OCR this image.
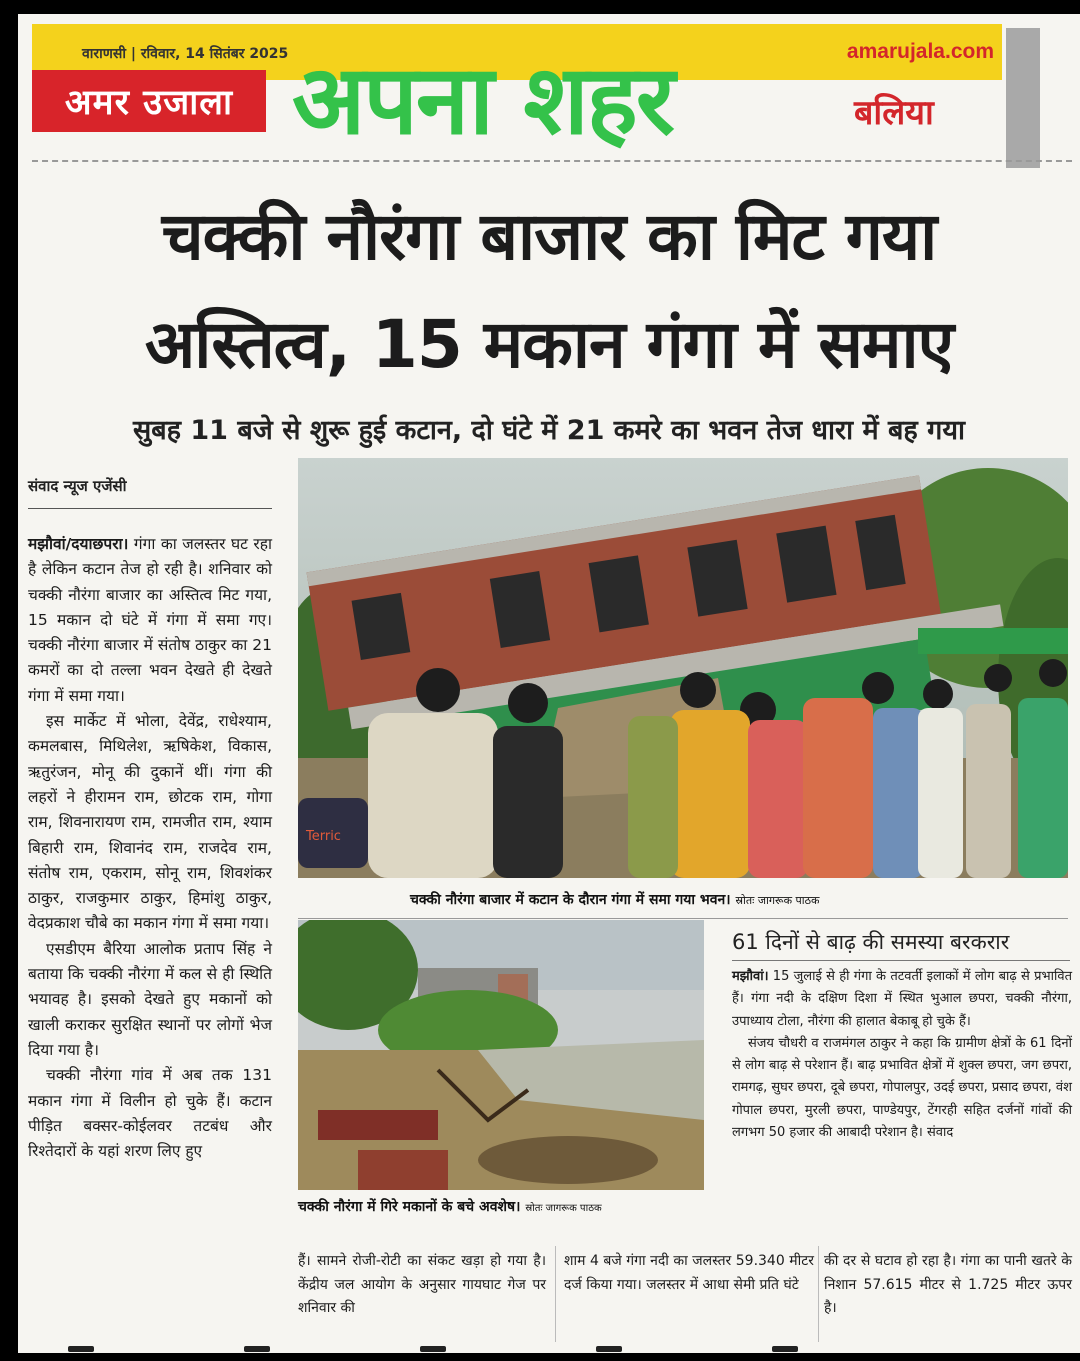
वाराणसी | रविवार, 14 सितंबर 2025	amarujala.com
अमर उजाला अपना शहर	बलिया
चक्की नौरंगा बाजार का मिट गया
अस्तित्व, 15 मकान गंगा में समाए
सुबह 11 बजे से शुरू हुई कटान, दो घंटे में 21 कमरे का भवन तेज धारा में बह गया
संवाद न्यूज एजेंसी

मझौवां/दयाछपरा। गंगा का जलस्तर घट रहा है लेकिन कटान तेज हो रही है। शनिवार को चक्की नौरंगा बाजार का अस्तित्व मिट गया, 15 मकान दो घंटे में गंगा में समा गए। चक्की नौरंगा बाजार में संतोष ठाकुर का 21 कमरों का दो तल्ला भवन देखते ही देखते गंगा में समा गया।

इस मार्केट में भोला, देवेंद्र, राधेश्याम, कमलबास, मिथिलेश, ऋषिकेश, विकास, ऋतुरंजन, मोनू की दुकानें थीं। गंगा की लहरों ने हीरामन राम, छोटक राम, गोगा राम, शिवनारायण राम, रामजीत राम, श्याम बिहारी राम, शिवानंद राम, राजदेव राम, संतोष राम, एकराम, सोनू राम, शिवशंकर ठाकुर, राजकुमार ठाकुर, हिमांशु ठाकुर, वेदप्रकाश चौबे का मकान गंगा में समा गया।

एसडीएम बैरिया आलोक प्रताप सिंह ने बताया कि चक्की नौरंगा में कल से ही स्थिति भयावह है। इसको देखते हुए मकानों को खाली कराकर सुरक्षित स्थानों पर लोगों भेज दिया गया है।

चक्की नौरंगा गांव में अब तक 131 मकान गंगा में विलीन हो चुके हैं। कटान पीड़ित बक्सर-कोईलवर तटबंध और रिश्तेदारों के यहां शरण लिए हुए

Terric
चक्की नौरंगा बाजार में कटान के दौरान गंगा में समा गया भवन। स्रोतः जागरूक पाठक
चक्की नौरंगा में गिरे मकानों के बचे अवशेष। स्रोतः जागरूक पाठक
61 दिनों से बाढ़ की समस्या बरकरार

मझौवां। 15 जुलाई से ही गंगा के तटवर्ती इलाकों में लोग बाढ़ से प्रभावित हैं। गंगा नदी के दक्षिण दिशा में स्थित भुआल छपरा, चक्की नौरंगा, उपाध्याय टोला, नौरंगा की हालात बेकाबू हो चुके हैं।

संजय चौधरी व राजमंगल ठाकुर ने कहा कि ग्रामीण क्षेत्रों के 61 दिनों से लोग बाढ़ से परेशान हैं। बाढ़ प्रभावित क्षेत्रों में शुक्ल छपरा, जग छपरा, रामगढ़, सुघर छपरा, दूबे छपरा, गोपालपुर, उदई छपरा, प्रसाद छपरा, वंश गोपाल छपरा, मुरली छपरा, पाण्डेयपुर, टेंगरही सहित दर्जनों गांवों की लगभग 50 हजार की आबादी परेशान है। संवाद

हैं। सामने रोजी-रोटी का संकट खड़ा हो गया है। केंद्रीय जल आयोग के अनुसार गायघाट गेज पर शनिवार की
शाम 4 बजे गंगा नदी का जलस्तर 59.340 मीटर दर्ज किया गया। जलस्तर में आधा सेमी प्रति घंटे
की दर से घटाव हो रहा है। गंगा का पानी खतरे के निशान 57.615 मीटर से 1.725 मीटर ऊपर है।
